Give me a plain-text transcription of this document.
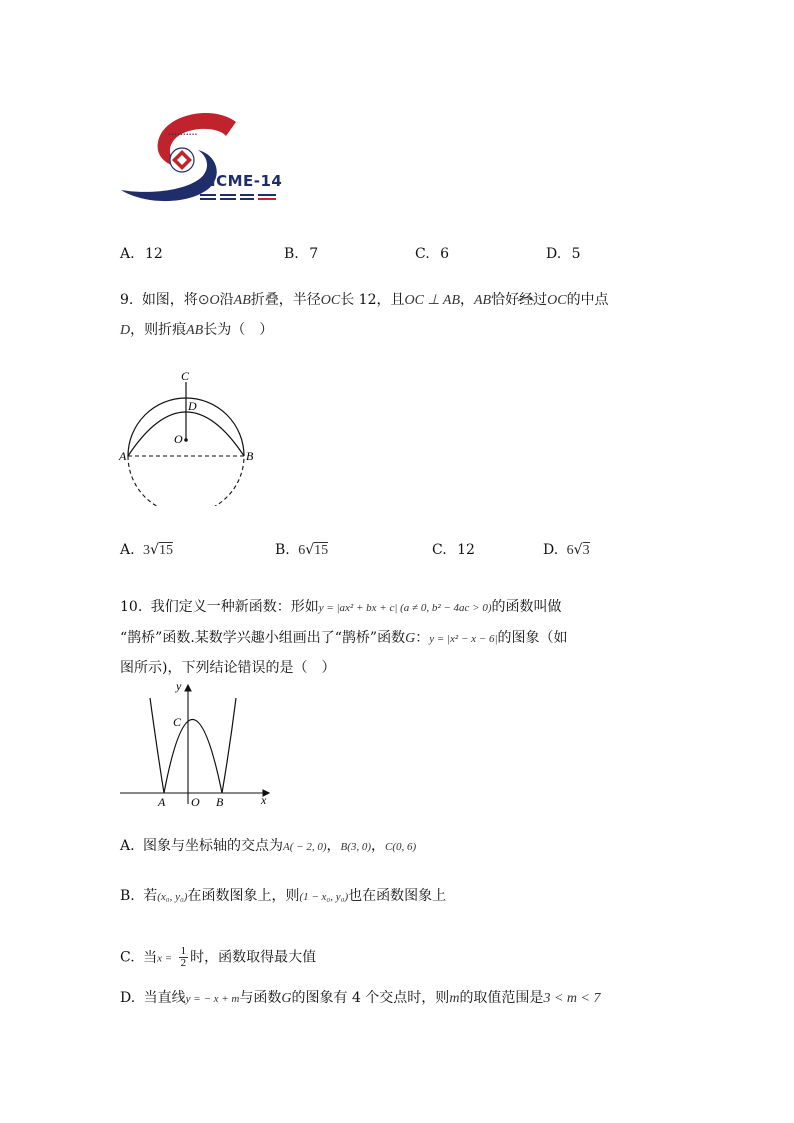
••••••••••
ICME-14
A. 12	B. 7	C. 6	D. 5
9. 如图，将⊙O沿AB折叠，半径OC长 12，且OC ⊥ AB，AB恰好经过OC的中点
D，则折痕AB长为（　）
C
D
O
A	B
A. 3√15	B. 6√15	C. 12	D. 6√3
10. 我们定义一种新函数：形如y = |ax² + bx + c| (a ≠ 0, b² − 4ac > 0)的函数叫做
“鹊桥”函数.某数学兴趣小组画出了“鹊桥”函数G：y = |x² − x − 6|的图象（如
图所示)，下列结论错误的是（　）
y
x
C
A O B
A. 图象与坐标轴的交点为A( − 2, 0)，B(3, 0)，C(0, 6)
B. 若(x₀, y₀)在函数图象上，则(1 − x₀, y₀)也在函数图象上
C. 当$x = \frac{1}{2}$ 时，函数取得最大值
D. 当直线y = − x + m与函数G的图象有 4 个交点时，则m的取值范围是3 < m < 7
